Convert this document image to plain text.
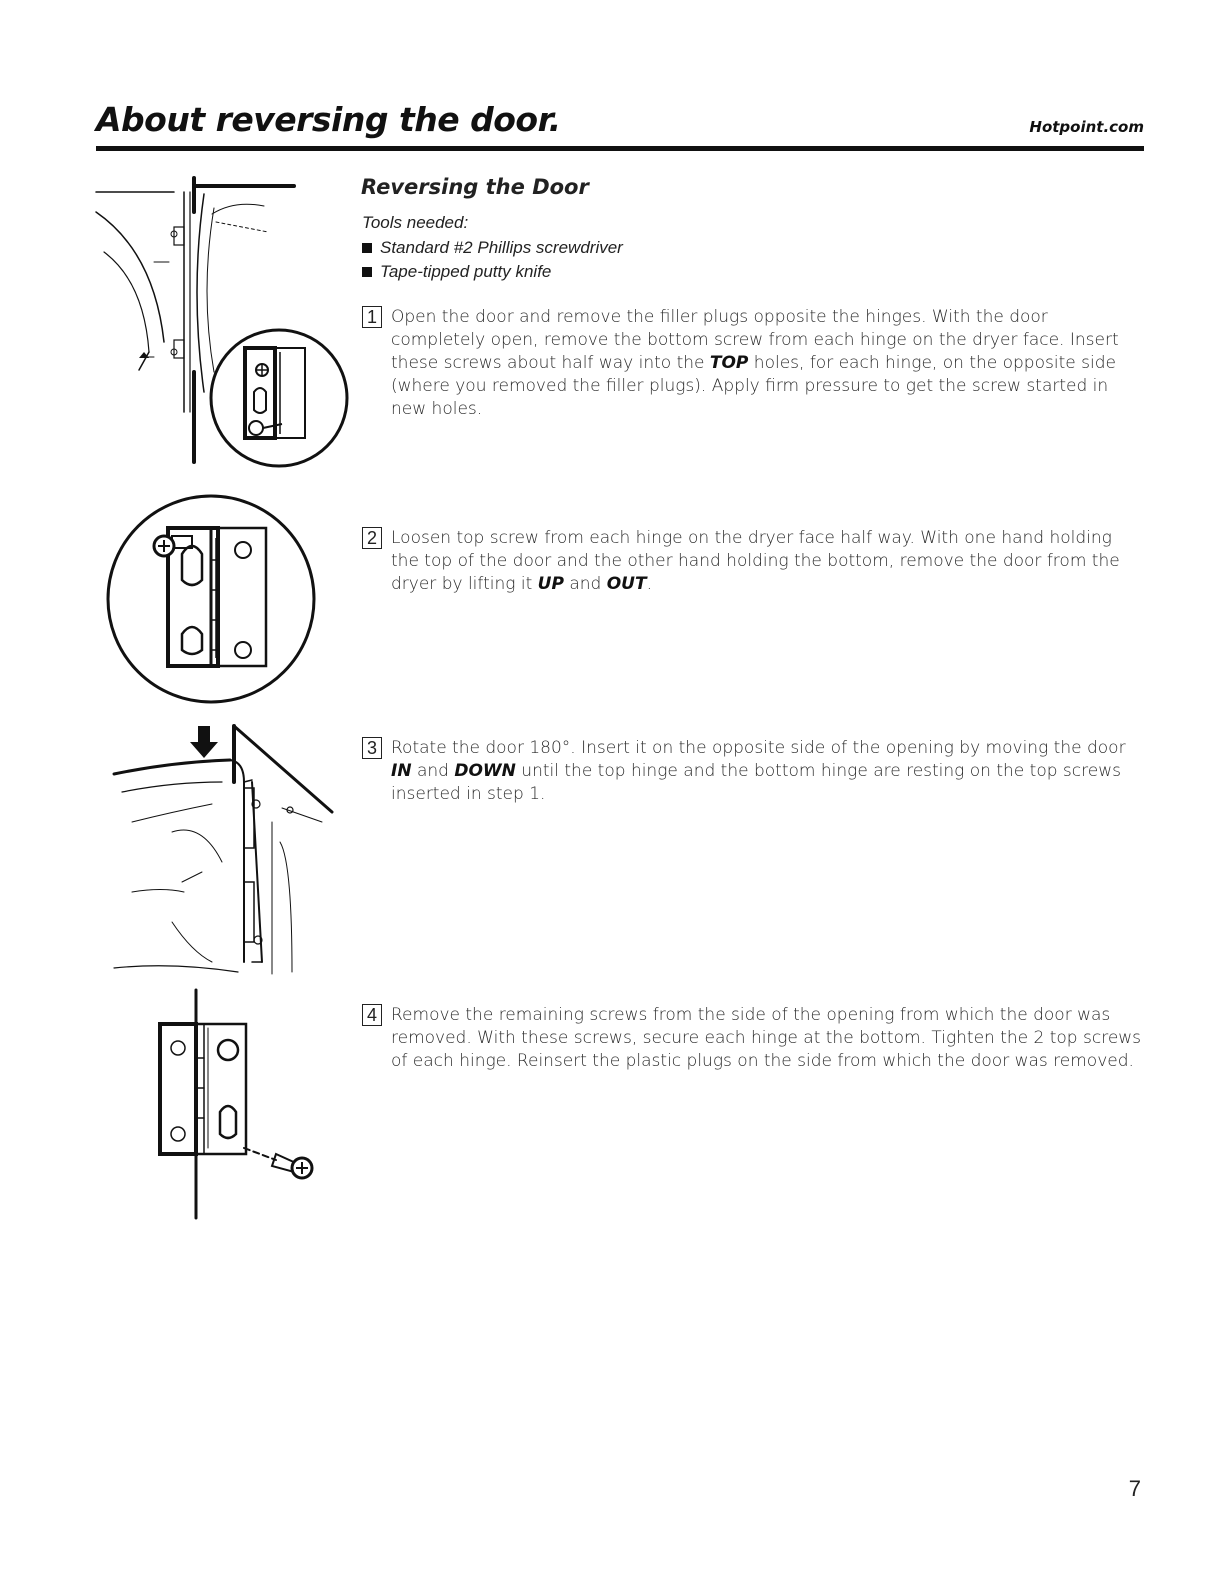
About reversing the door.	Hotpoint.com
Reversing the Door
Tools needed:
Standard #2 Phillips screwdriver
Tape-tipped putty knife
1 Open the door and remove the filler plugs opposite the hinges. With the door completely open, remove the bottom screw from each hinge on the dryer face. Insert these screws about half way into the TOP holes, for each hinge, on the opposite side (where you removed the filler plugs). Apply firm pressure to get the screw started in new holes.
2 Loosen top screw from each hinge on the dryer face half way. With one hand holding the top of the door and the other hand holding the bottom, remove the door from the dryer by lifting it UP and OUT.
3 Rotate the door 180°. Insert it on the opposite side of the opening by moving the door IN and DOWN until the top hinge and the bottom hinge are resting on the top screws inserted in step 1.
4 Remove the remaining screws from the side of the opening from which the door was removed. With these screws, secure each hinge at the bottom. Tighten the 2 top screws of each hinge. Reinsert the plastic plugs on the side from which the door was removed.
7
